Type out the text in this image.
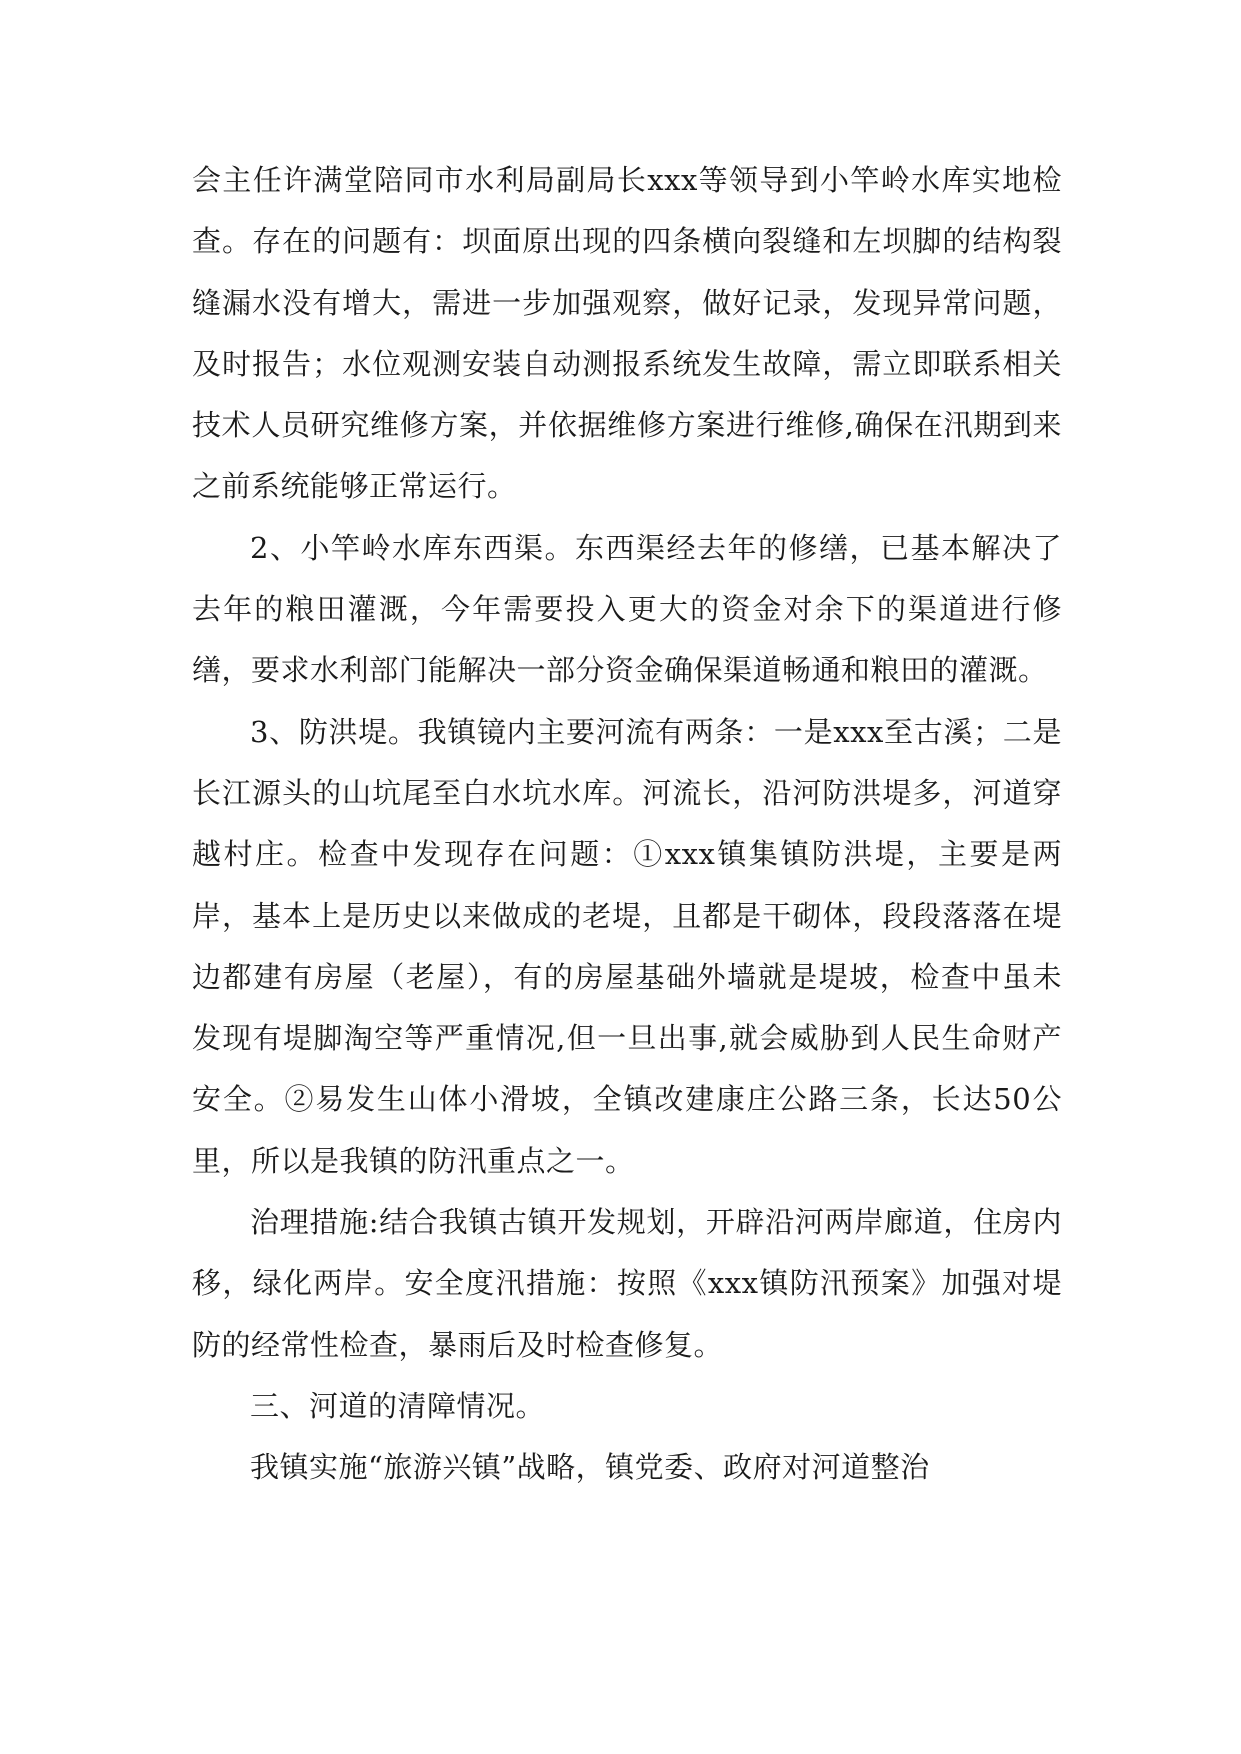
会主任许满堂陪同市水利局副局长xxx等领导到小竿岭水库实地检查。存在的问题有：坝面原出现的四条横向裂缝和左坝脚的结构裂缝漏水没有增大，需进一步加强观察，做好记录，发现异常问题，及时报告；水位观测安装自动测报系统发生故障，需立即联系相关技术人员研究维修方案，并依据维修方案进行维修,确保在汛期到来之前系统能够正常运行。

2、小竿岭水库东西渠。东西渠经去年的修缮，已基本解决了去年的粮田灌溉，今年需要投入更大的资金对余下的渠道进行修缮，要求水利部门能解决一部分资金确保渠道畅通和粮田的灌溉。

3、防洪堤。我镇镜内主要河流有两条：一是xxx至古溪；二是长江源头的山坑尾至白水坑水库。河流长，沿河防洪堤多，河道穿越村庄。检查中发现存在问题：①xxx镇集镇防洪堤，主要是两岸，基本上是历史以来做成的老堤，且都是干砌体，段段落落在堤边都建有房屋（老屋），有的房屋基础外墙就是堤坡，检查中虽未发现有堤脚淘空等严重情况,但一旦出事,就会威胁到人民生命财产安全。②易发生山体小滑坡，全镇改建康庄公路三条，长达50公里，所以是我镇的防汛重点之一。

治理措施:结合我镇古镇开发规划，开辟沿河两岸廊道，住房内移，绿化两岸。安全度汛措施：按照《xxx镇防汛预案》加强对堤防的经常性检查，暴雨后及时检查修复。

三、河道的清障情况。

我镇实施“旅游兴镇”战略，镇党委、政府对河道整治
